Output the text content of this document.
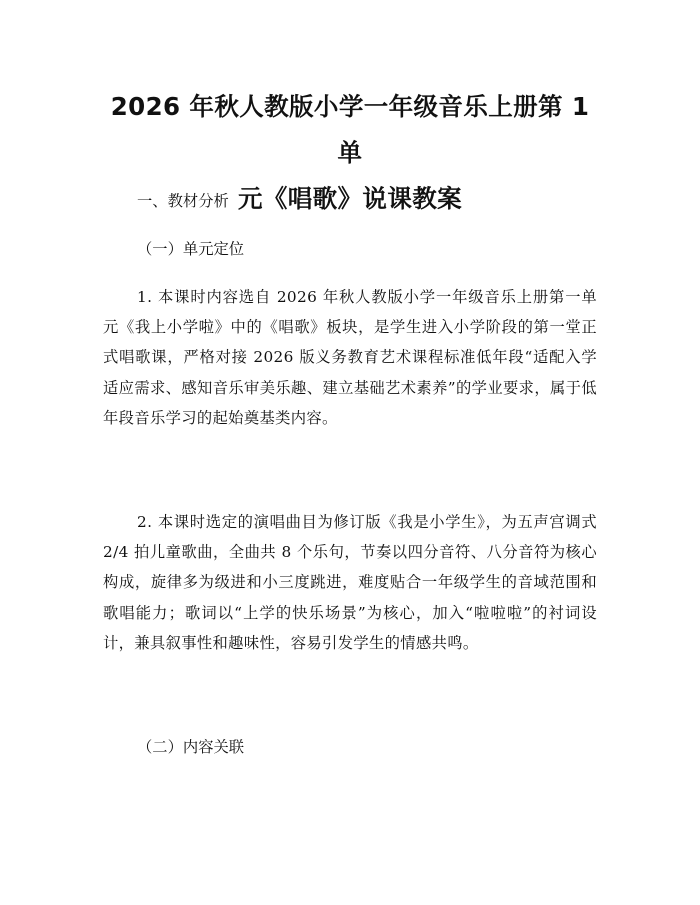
2026 年秋人教版小学一年级音乐上册第 1 单
元《唱歌》说课教案
一、教材分析
（一）单元定位

1. 本课时内容选自 2026 年秋人教版小学一年级音乐上册第一单元《我上小学啦》中的《唱歌》板块，是学生进入小学阶段的第一堂正式唱歌课，严格对接 2026 版义务教育艺术课程标准低年段“适配入学适应需求、感知音乐审美乐趣、建立基础艺术素养”的学业要求，属于低年段音乐学习的起始奠基类内容。

2. 本课时选定的演唱曲目为修订版《我是小学生》，为五声宫调式 2/4 拍儿童歌曲，全曲共 8 个乐句，节奏以四分音符、八分音符为核心构成，旋律多为级进和小三度跳进，难度贴合一年级学生的音域范围和歌唱能力；歌词以“上学的快乐场景”为核心，加入“啦啦啦”的衬词设计，兼具叙事性和趣味性，容易引发学生的情感共鸣。

（二）内容关联
